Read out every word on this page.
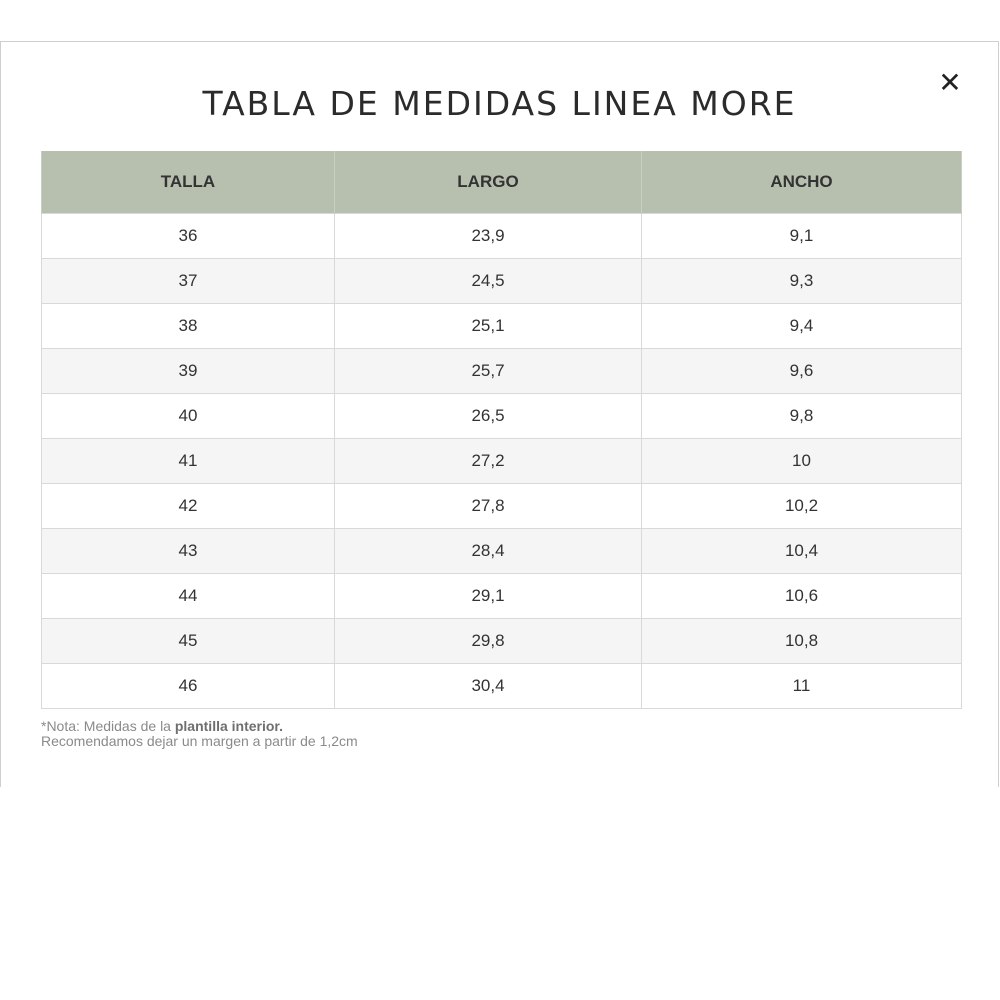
TABLA DE MEDIDAS LINEA MORE
✕
TALLA	LARGO	ANCHO
36	23,9	9,1
37	24,5	9,3
38	25,1	9,4
39	25,7	9,6
40	26,5	9,8
41	27,2	10
42	27,8	10,2
43	28,4	10,4
44	29,1	10,6
45	29,8	10,8
46	30,4	11
*Nota: Medidas de la plantilla interior.
Recomendamos dejar un margen a partir de 1,2cm
